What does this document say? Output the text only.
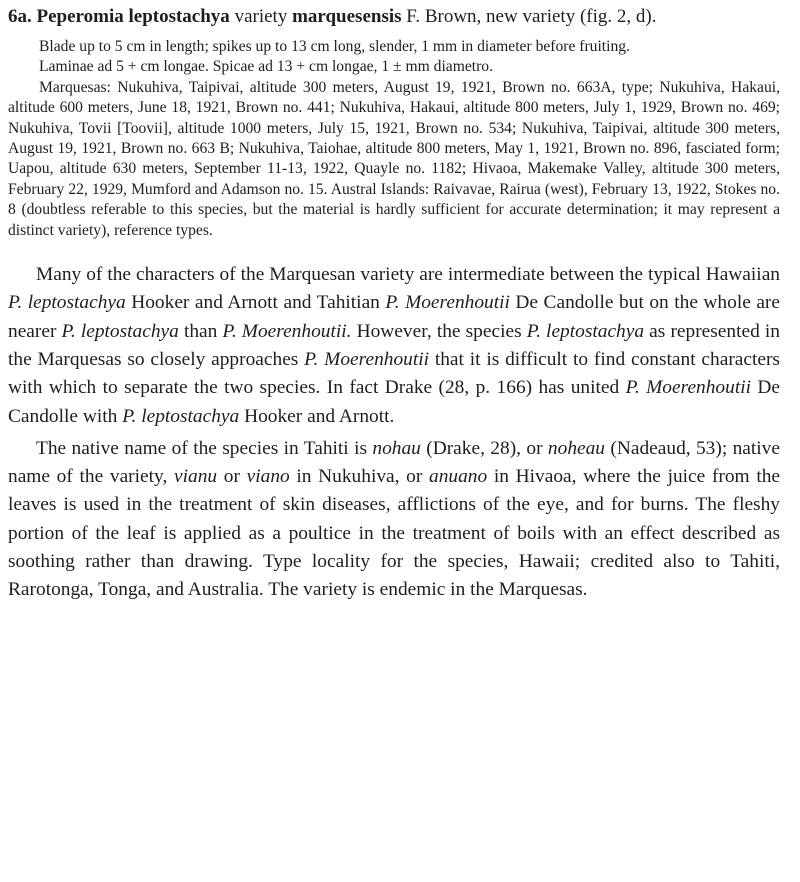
6a. Peperomia leptostachya variety marquesensis F. Brown, new variety (fig. 2, d).

Blade up to 5 cm in length; spikes up to 13 cm long, slender, 1 mm in diameter before fruiting.

Laminae ad 5 + cm longae. Spicae ad 13 + cm longae, 1 ± mm diametro.

Marquesas: Nukuhiva, Taipivai, altitude 300 meters, August 19, 1921, Brown no. 663A, type; Nukuhiva, Hakaui, altitude 600 meters, June 18, 1921, Brown no. 441; Nukuhiva, Hakaui, altitude 800 meters, July 1, 1929, Brown no. 469; Nukuhiva, Tovii [Toovii], altitude 1000 meters, July 15, 1921, Brown no. 534; Nukuhiva, Taipivai, altitude 300 meters, August 19, 1921, Brown no. 663 B; Nukuhiva, Taiohae, altitude 800 meters, May 1, 1921, Brown no. 896, fasciated form; Uapou, altitude 630 meters, September 11-13, 1922, Quayle no. 1182; Hivaoa, Makemake Valley, altitude 300 meters, February 22, 1929, Mumford and Adamson no. 15. Austral Islands: Raivavae, Rairua (west), February 13, 1922, Stokes no. 8 (doubtless referable to this species, but the material is hardly sufficient for accurate determination; it may represent a distinct variety), reference types.

Many of the characters of the Marquesan variety are intermediate between the typical Hawaiian P. leptostachya Hooker and Arnott and Tahitian P. Moerenhoutii De Candolle but on the whole are nearer P. leptostachya than P. Moerenhoutii. However, the species P. leptostachya as represented in the Marquesas so closely approaches P. Moerenhoutii that it is difficult to find constant characters with which to separate the two species. In fact Drake (28, p. 166) has united P. Moerenhoutii De Candolle with P. leptostachya Hooker and Arnott.

The native name of the species in Tahiti is nohau (Drake, 28), or noheau (Nadeaud, 53); native name of the variety, vianu or viano in Nukuhiva, or anuano in Hivaoa, where the juice from the leaves is used in the treatment of skin diseases, afflictions of the eye, and for burns. The fleshy portion of the leaf is applied as a poultice in the treatment of boils with an effect described as soothing rather than drawing. Type locality for the species, Hawaii; credited also to Tahiti, Rarotonga, Tonga, and Australia. The variety is endemic in the Marquesas.
